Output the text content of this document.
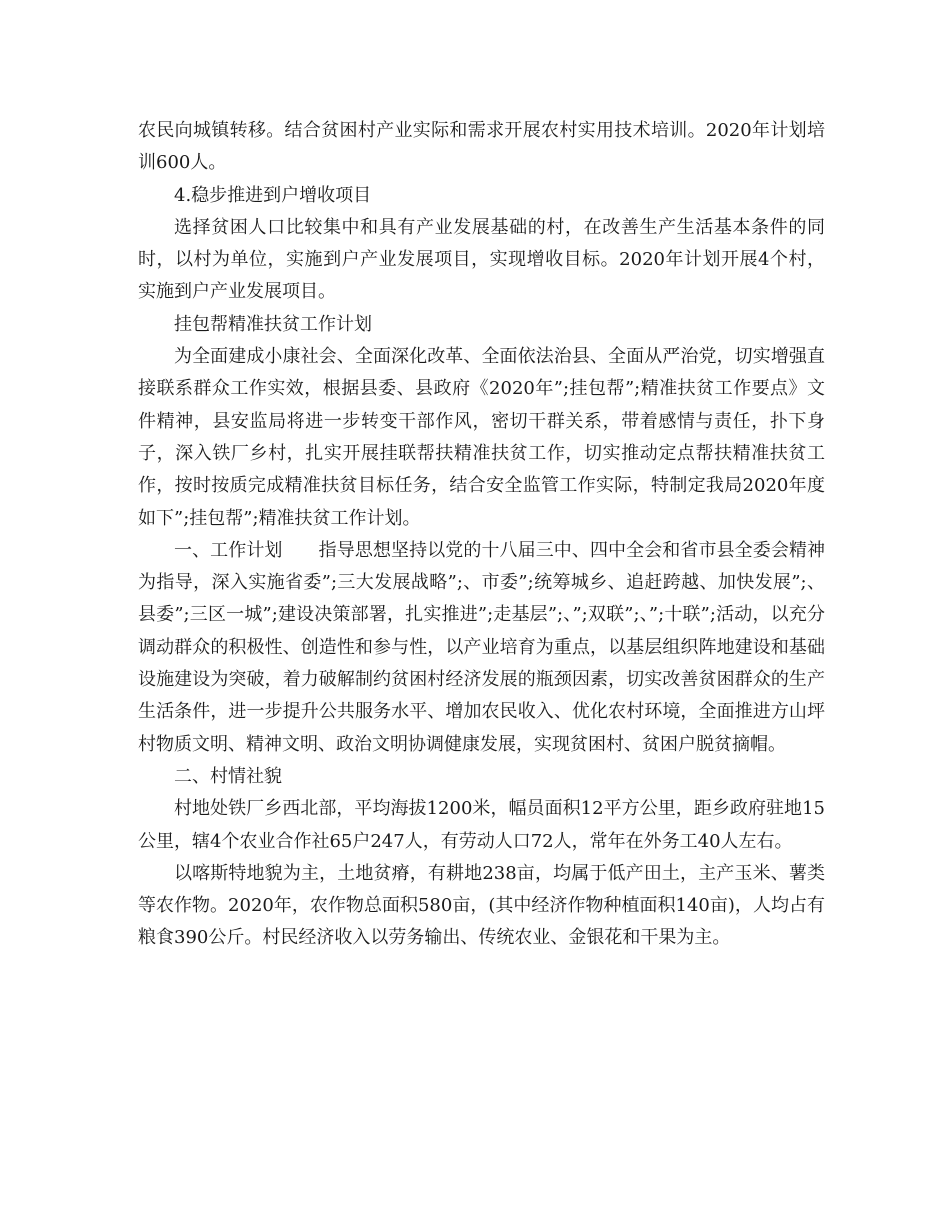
农民向城镇转移。结合贫困村产业实际和需求开展农村实用技术培训。2020年计划培训600人。

4.稳步推进到户增收项目

选择贫困人口比较集中和具有产业发展基础的村，在改善生产生活基本条件的同时，以村为单位，实施到户产业发展项目，实现增收目标。2020年计划开展4个村，实施到户产业发展项目。

挂包帮精准扶贫工作计划

为全面建成小康社会、全面深化改革、全面依法治县、全面从严治党，切实增强直接联系群众工作实效，根据县委、县政府《2020年”;挂包帮”;精准扶贫工作要点》文件精神，县安监局将进一步转变干部作风，密切干群关系，带着感情与责任，扑下身子，深入铁厂乡村，扎实开展挂联帮扶精准扶贫工作，切实推动定点帮扶精准扶贫工作，按时按质完成精准扶贫目标任务，结合安全监管工作实际，特制定我局2020年度如下”;挂包帮”;精准扶贫工作计划。

一、工作计划　　指导思想坚持以党的十八届三中、四中全会和省市县全委会精神为指导，深入实施省委”;三大发展战略”;、市委”;统筹城乡、追赶跨越、加快发展”;、县委”;三区一城”;建设决策部署，扎实推进”;走基层”;、”;双联”;、”;十联”;活动，以充分调动群众的积极性、创造性和参与性，以产业培育为重点，以基层组织阵地建设和基础设施建设为突破，着力破解制约贫困村经济发展的瓶颈因素，切实改善贫困群众的生产生活条件，进一步提升公共服务水平、增加农民收入、优化农村环境，全面推进方山坪村物质文明、精神文明、政治文明协调健康发展，实现贫困村、贫困户脱贫摘帽。

二、村情社貌

村地处铁厂乡西北部，平均海拔1200米，幅员面积12平方公里，距乡政府驻地15公里，辖4个农业合作社65户247人，有劳动人口72人，常年在外务工40人左右。

以喀斯特地貌为主，土地贫瘠，有耕地238亩，均属于低产田土，主产玉米、薯类等农作物。2020年，农作物总面积580亩，(其中经济作物种植面积140亩)，人均占有粮食390公斤。村民经济收入以劳务输出、传统农业、金银花和干果为主。
